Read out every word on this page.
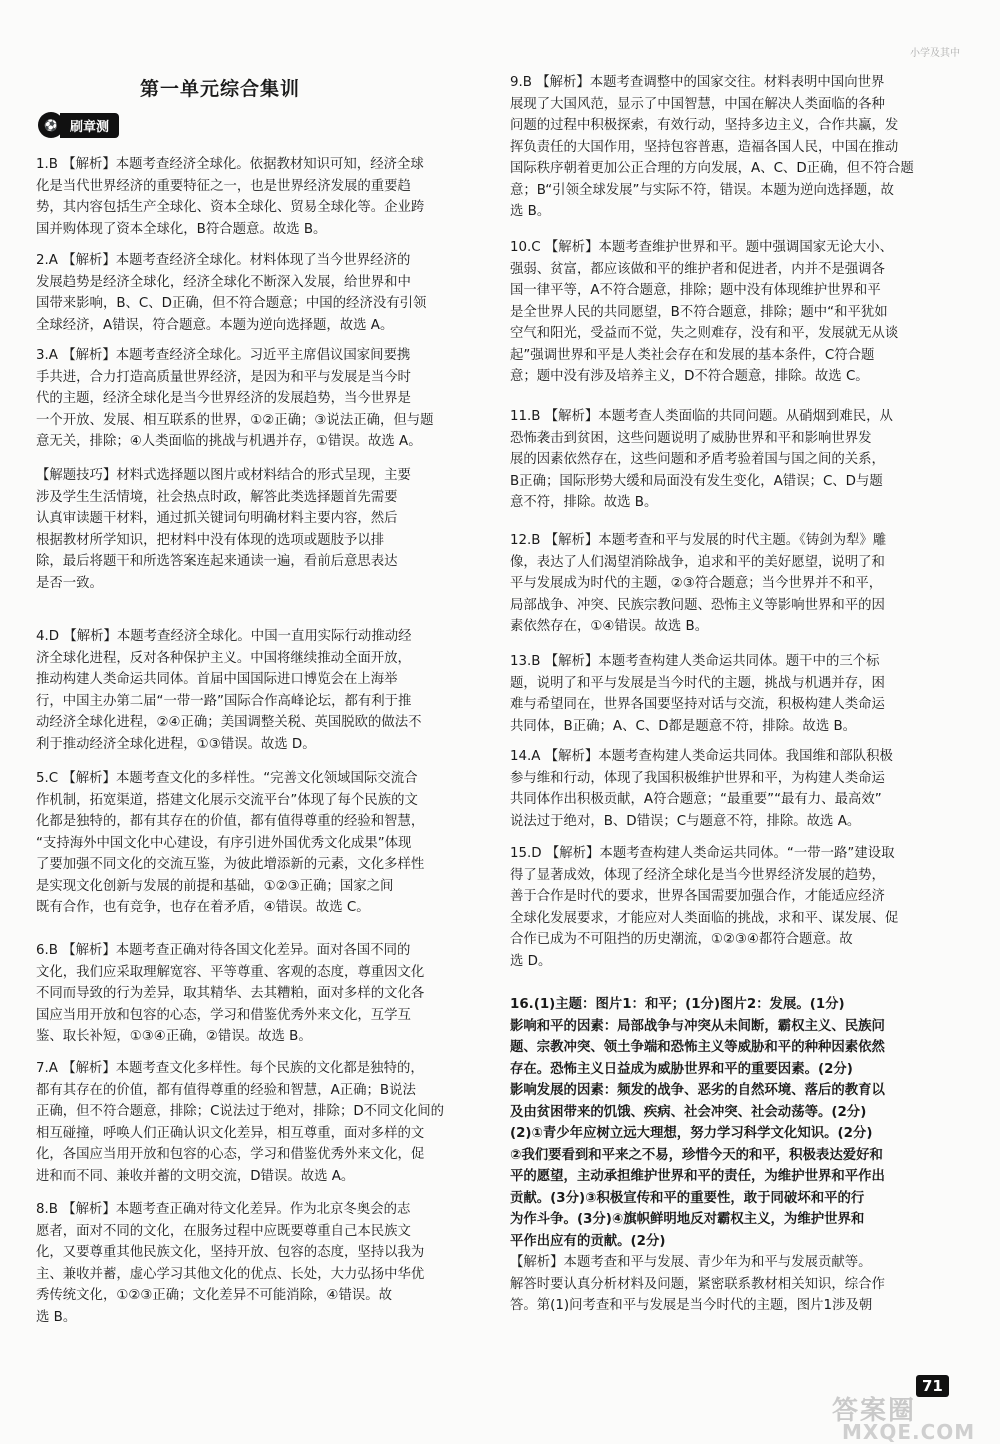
小学及其中
第一单元综合集训
⚽ 刷章测

1.B 【解析】本题考查经济全球化。依据教材知识可知，经济全球

化是当代世界经济的重要特征之一，也是世界经济发展的重要趋

势，其内容包括生产全球化、资本全球化、贸易全球化等。企业跨

国并购体现了资本全球化，B符合题意。故选 B。

2.A 【解析】本题考查经济全球化。材料体现了当今世界经济的

发展趋势是经济全球化，经济全球化不断深入发展，给世界和中

国带来影响，B、C、D正确，但不符合题意；中国的经济没有引领

全球经济，A错误，符合题意。本题为逆向选择题，故选 A。

3.A 【解析】本题考查经济全球化。习近平主席倡议国家间要携

手共进，合力打造高质量世界经济，是因为和平与发展是当今时

代的主题，经济全球化是当今世界经济的发展趋势，当今世界是

一个开放、发展、相互联系的世界，①②正确；③说法正确，但与题

意无关，排除；④人类面临的挑战与机遇并存，①错误。故选 A。

【解题技巧】材料式选择题以图片或材料结合的形式呈现，主要

涉及学生生活情境，社会热点时政，解答此类选择题首先需要

认真审读题干材料，通过抓关键词句明确材料主要内容，然后

根据教材所学知识，把材料中没有体现的选项或题肢予以排

除，最后将题干和所选答案连起来通读一遍，看前后意思表达

是否一致。

4.D 【解析】本题考查经济全球化。中国一直用实际行动推动经

济全球化进程，反对各种保护主义。中国将继续推动全面开放，

推动构建人类命运共同体。首届中国国际进口博览会在上海举

行，中国主办第二届“一带一路”国际合作高峰论坛，都有利于推

动经济全球化进程，②④正确；美国调整关税、英国脱欧的做法不

利于推动经济全球化进程，①③错误。故选 D。

5.C 【解析】本题考查文化的多样性。“完善文化领域国际交流合

作机制，拓宽渠道，搭建文化展示交流平台”体现了每个民族的文

化都是独特的，都有其存在的价值，都有值得尊重的经验和智慧，

“支持海外中国文化中心建设，有序引进外国优秀文化成果”体现

了要加强不同文化的交流互鉴，为彼此增添新的元素，文化多样性

是实现文化创新与发展的前提和基础，①②③正确；国家之间

既有合作，也有竞争，也存在着矛盾，④错误。故选 C。

6.B 【解析】本题考查正确对待各国文化差异。面对各国不同的

文化，我们应采取理解宽容、平等尊重、客观的态度，尊重因文化

不同而导致的行为差异，取其精华、去其糟粕，面对多样的文化各

国应当用开放和包容的心态，学习和借鉴优秀外来文化，互学互

鉴、取长补短，①③④正确，②错误。故选 B。

7.A 【解析】本题考查文化多样性。每个民族的文化都是独特的，

都有其存在的价值，都有值得尊重的经验和智慧，A正确；B说法

正确，但不符合题意，排除；C说法过于绝对，排除；D不同文化间的

相互碰撞，呼唤人们正确认识文化差异，相互尊重，面对多样的文

化，各国应当用开放和包容的心态，学习和借鉴优秀外来文化，促

进和而不同、兼收并蓄的文明交流，D错误。故选 A。

8.B 【解析】本题考查正确对待文化差异。作为北京冬奥会的志

愿者，面对不同的文化，在服务过程中应既要尊重自己本民族文

化，又要尊重其他民族文化，坚持开放、包容的态度，坚持以我为

主、兼收并蓄，虚心学习其他文化的优点、长处，大力弘扬中华优

秀传统文化，①②③正确；文化差异不可能消除，④错误。故

选 B。

9.B 【解析】本题考查调整中的国家交往。材料表明中国向世界

展现了大国风范，显示了中国智慧，中国在解决人类面临的各种

问题的过程中积极探索，有效行动，坚持多边主义，合作共赢，发

挥负责任的大国作用，坚持包容普惠，造福各国人民，中国在推动

国际秩序朝着更加公正合理的方向发展，A、C、D正确，但不符合题

意；B“引领全球发展”与实际不符，错误。本题为逆向选择题，故

选 B。

10.C 【解析】本题考查维护世界和平。题中强调国家无论大小、

强弱、贫富，都应该做和平的维护者和促进者，内并不是强调各

国一律平等，A不符合题意，排除；题中没有体现维护世界和平

是全世界人民的共同愿望，B不符合题意，排除；题中“和平犹如

空气和阳光，受益而不觉，失之则难存，没有和平，发展就无从谈

起”强调世界和平是人类社会存在和发展的基本条件，C符合题

意；题中没有涉及培养主义，D不符合题意，排除。故选 C。

11.B 【解析】本题考查人类面临的共同问题。从硝烟到难民，从

恐怖袭击到贫困，这些问题说明了威胁世界和平和影响世界发

展的因素依然存在，这些问题和矛盾考验着国与国之间的关系，

B正确；国际形势大缓和局面没有发生变化，A错误；C、D与题

意不符，排除。故选 B。

12.B 【解析】本题考查和平与发展的时代主题。《铸剑为犁》雕

像，表达了人们渴望消除战争，追求和平的美好愿望，说明了和

平与发展成为时代的主题，②③符合题意；当今世界并不和平，

局部战争、冲突、民族宗教问题、恐怖主义等影响世界和平的因

素依然存在，①④错误。故选 B。

13.B 【解析】本题考查构建人类命运共同体。题干中的三个标

题，说明了和平与发展是当今时代的主题，挑战与机遇并存，困

难与希望同在，世界各国要坚持对话与交流，积极构建人类命运

共同体，B正确；A、C、D都是题意不符，排除。故选 B。

14.A 【解析】本题考查构建人类命运共同体。我国维和部队积极

参与维和行动，体现了我国积极维护世界和平，为构建人类命运

共同体作出积极贡献，A符合题意；“最重要”“最有力、最高效”

说法过于绝对，B、D错误；C与题意不符，排除。故选 A。

15.D 【解析】本题考查构建人类命运共同体。“一带一路”建设取

得了显著成效，体现了经济全球化是当今世界经济发展的趋势，

善于合作是时代的要求，世界各国需要加强合作，才能适应经济

全球化发展要求，才能应对人类面临的挑战，求和平、谋发展、促

合作已成为不可阻挡的历史潮流，①②③④都符合题意。故

选 D。

16.(1)主题：图片1：和平；(1分)图片2：发展。(1分)

影响和平的因素：局部战争与冲突从未间断，霸权主义、民族问

题、宗教冲突、领土争端和恐怖主义等威胁和平的种种因素依然

存在。恐怖主义日益成为威胁世界和平的重要因素。(2分)

影响发展的因素：频发的战争、恶劣的自然环境、落后的教育以

及由贫困带来的饥饿、疾病、社会冲突、社会动荡等。(2分)

(2)①青少年应树立远大理想，努力学习科学文化知识。(2分)

②我们要看到和平来之不易，珍惜今天的和平，积极表达爱好和

平的愿望，主动承担维护世界和平的责任，为维护世界和平作出

贡献。(3分)③积极宣传和平的重要性，敢于同破坏和平的行

为作斗争。(3分)④旗帜鲜明地反对霸权主义，为维护世界和

平作出应有的贡献。(2分)

【解析】本题考查和平与发展、青少年为和平与发展贡献等。

解答时要认真分析材料及问题，紧密联系教材相关知识，综合作

答。第(1)问考查和平与发展是当今时代的主题，图片1涉及朝

71
答案圈
MXQE.COM
